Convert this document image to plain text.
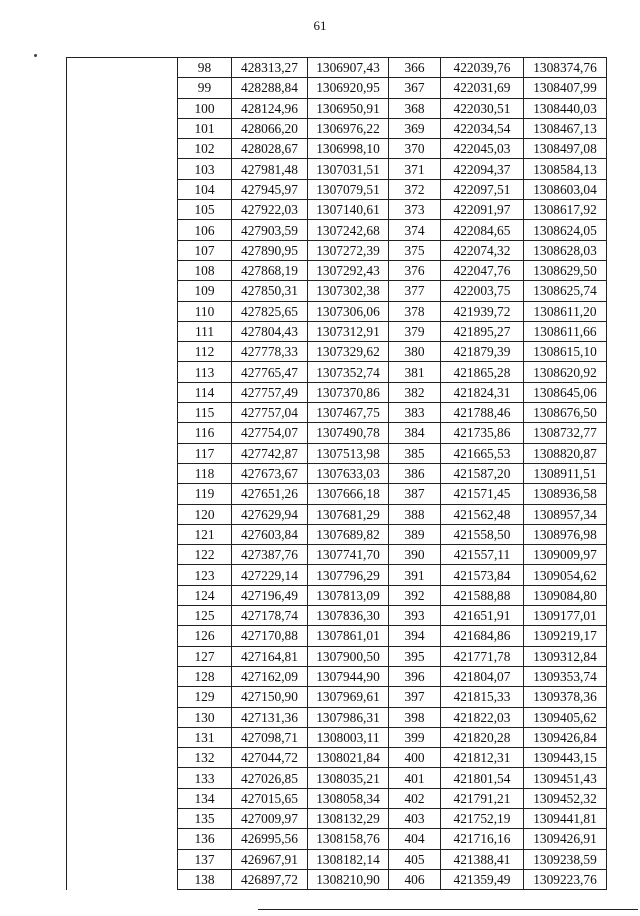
61
	98	428313,27	1306907,43	366	422039,76	1308374,76
	99	428288,84	1306920,95	367	422031,69	1308407,99
	100	428124,96	1306950,91	368	422030,51	1308440,03
	101	428066,20	1306976,22	369	422034,54	1308467,13
	102	428028,67	1306998,10	370	422045,03	1308497,08
	103	427981,48	1307031,51	371	422094,37	1308584,13
	104	427945,97	1307079,51	372	422097,51	1308603,04
	105	427922,03	1307140,61	373	422091,97	1308617,92
	106	427903,59	1307242,68	374	422084,65	1308624,05
	107	427890,95	1307272,39	375	422074,32	1308628,03
	108	427868,19	1307292,43	376	422047,76	1308629,50
	109	427850,31	1307302,38	377	422003,75	1308625,74
	110	427825,65	1307306,06	378	421939,72	1308611,20
	111	427804,43	1307312,91	379	421895,27	1308611,66
	112	427778,33	1307329,62	380	421879,39	1308615,10
	113	427765,47	1307352,74	381	421865,28	1308620,92
	114	427757,49	1307370,86	382	421824,31	1308645,06
	115	427757,04	1307467,75	383	421788,46	1308676,50
	116	427754,07	1307490,78	384	421735,86	1308732,77
	117	427742,87	1307513,98	385	421665,53	1308820,87
	118	427673,67	1307633,03	386	421587,20	1308911,51
	119	427651,26	1307666,18	387	421571,45	1308936,58
	120	427629,94	1307681,29	388	421562,48	1308957,34
	121	427603,84	1307689,82	389	421558,50	1308976,98
	122	427387,76	1307741,70	390	421557,11	1309009,97
	123	427229,14	1307796,29	391	421573,84	1309054,62
	124	427196,49	1307813,09	392	421588,88	1309084,80
	125	427178,74	1307836,30	393	421651,91	1309177,01
	126	427170,88	1307861,01	394	421684,86	1309219,17
	127	427164,81	1307900,50	395	421771,78	1309312,84
	128	427162,09	1307944,90	396	421804,07	1309353,74
	129	427150,90	1307969,61	397	421815,33	1309378,36
	130	427131,36	1307986,31	398	421822,03	1309405,62
	131	427098,71	1308003,11	399	421820,28	1309426,84
	132	427044,72	1308021,84	400	421812,31	1309443,15
	133	427026,85	1308035,21	401	421801,54	1309451,43
	134	427015,65	1308058,34	402	421791,21	1309452,32
	135	427009,97	1308132,29	403	421752,19	1309441,81
	136	426995,56	1308158,76	404	421716,16	1309426,91
	137	426967,91	1308182,14	405	421388,41	1309238,59
	138	426897,72	1308210,90	406	421359,49	1309223,76
